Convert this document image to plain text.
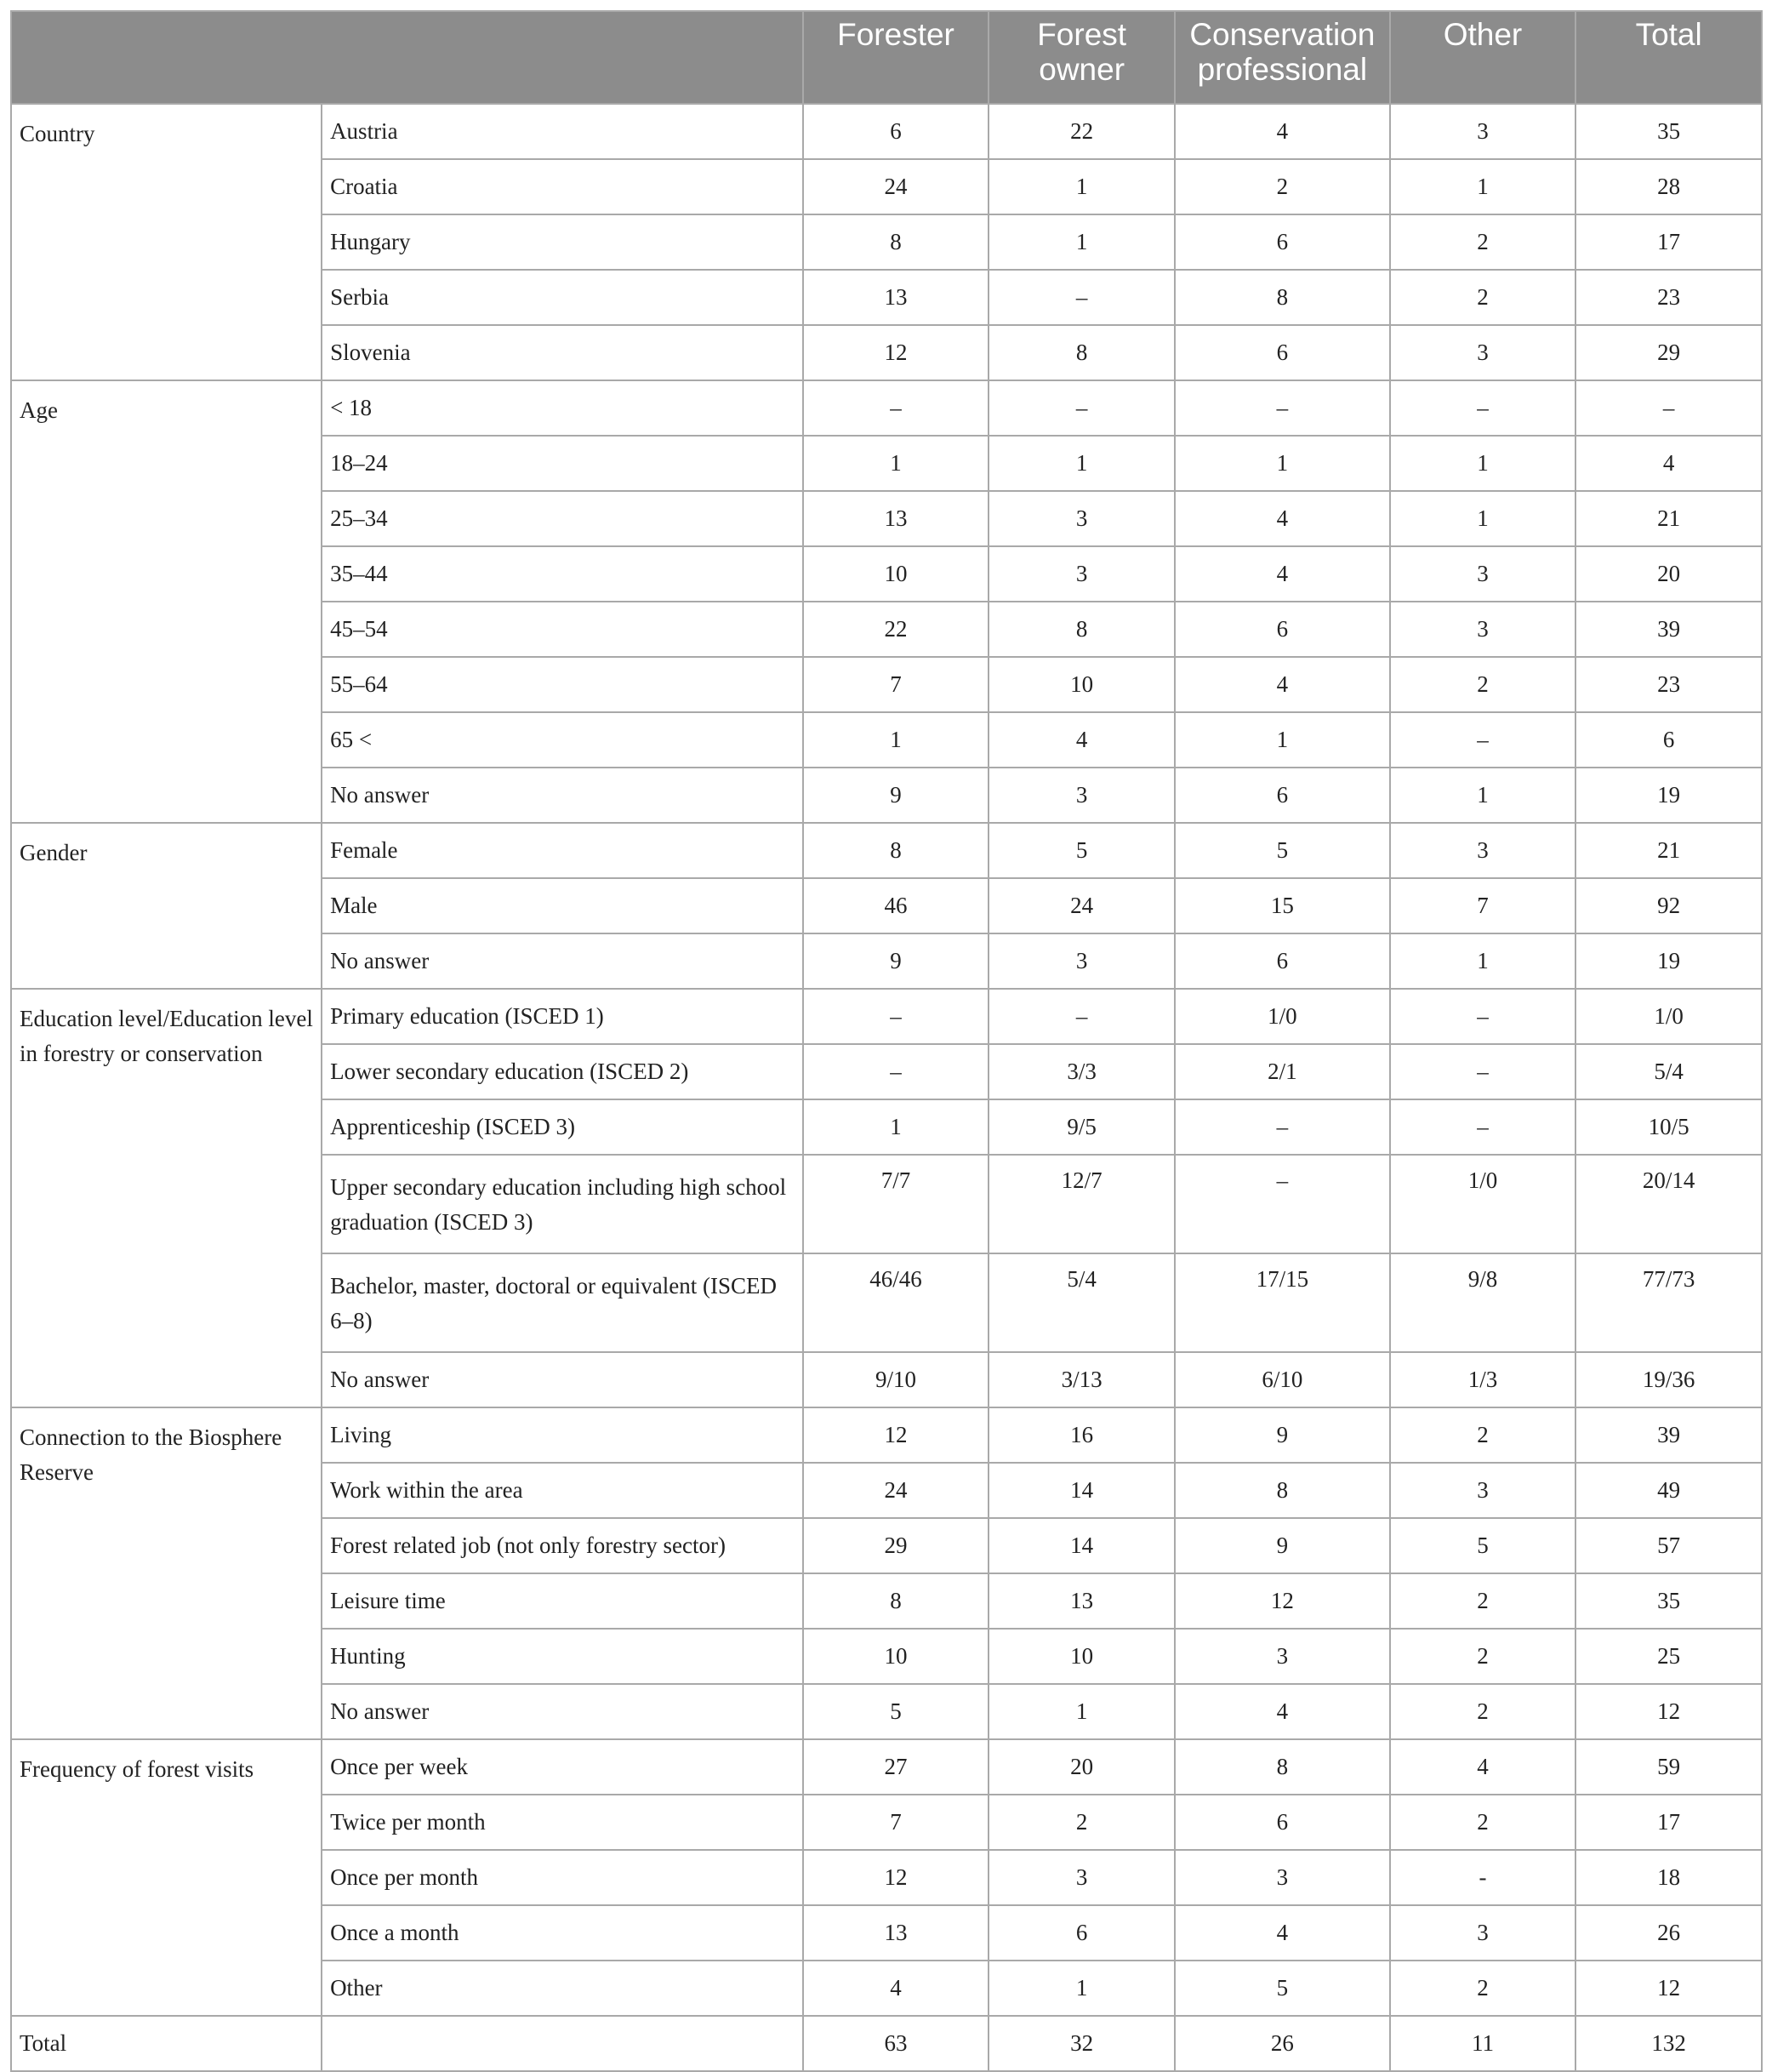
		Forester	Forest owner	Conservation professional	Other	Total
Country	Austria	6	22	4	3	35
	Croatia	24	1	2	1	28
	Hungary	8	1	6	2	17
	Serbia	13	–	8	2	23
	Slovenia	12	8	6	3	29
Age	< 18	–	–	–	–	–
	18–24	1	1	1	1	4
	25–34	13	3	4	1	21
	35–44	10	3	4	3	20
	45–54	22	8	6	3	39
	55–64	7	10	4	2	23
	65 <	1	4	1	–	6
	No answer	9	3	6	1	19
Gender	Female	8	5	5	3	21
	Male	46	24	15	7	92
	No answer	9	3	6	1	19
Education level/Education level in forestry or conservation	Primary education (ISCED 1)	–	–	1/0	–	1/0
	Lower secondary education (ISCED 2)	–	3/3	2/1	–	5/4
	Apprenticeship (ISCED 3)	1	9/5	–	–	10/5
	Upper secondary education including high school graduation (ISCED 3)	7/7	12/7	–	1/0	20/14
	Bachelor, master, doctoral or equivalent (ISCED 6–8)	46/46	5/4	17/15	9/8	77/73
	No answer	9/10	3/13	6/10	1/3	19/36
Connection to the Biosphere Reserve	Living	12	16	9	2	39
	Work within the area	24	14	8	3	49
	Forest related job (not only forestry sector)	29	14	9	5	57
	Leisure time	8	13	12	2	35
	Hunting	10	10	3	2	25
	No answer	5	1	4	2	12
Frequency of forest visits	Once per week	27	20	8	4	59
	Twice per month	7	2	6	2	17
	Once per month	12	3	3	-	18
	Once a month	13	6	4	3	26
	Other	4	1	5	2	12
Total		63	32	26	11	132
